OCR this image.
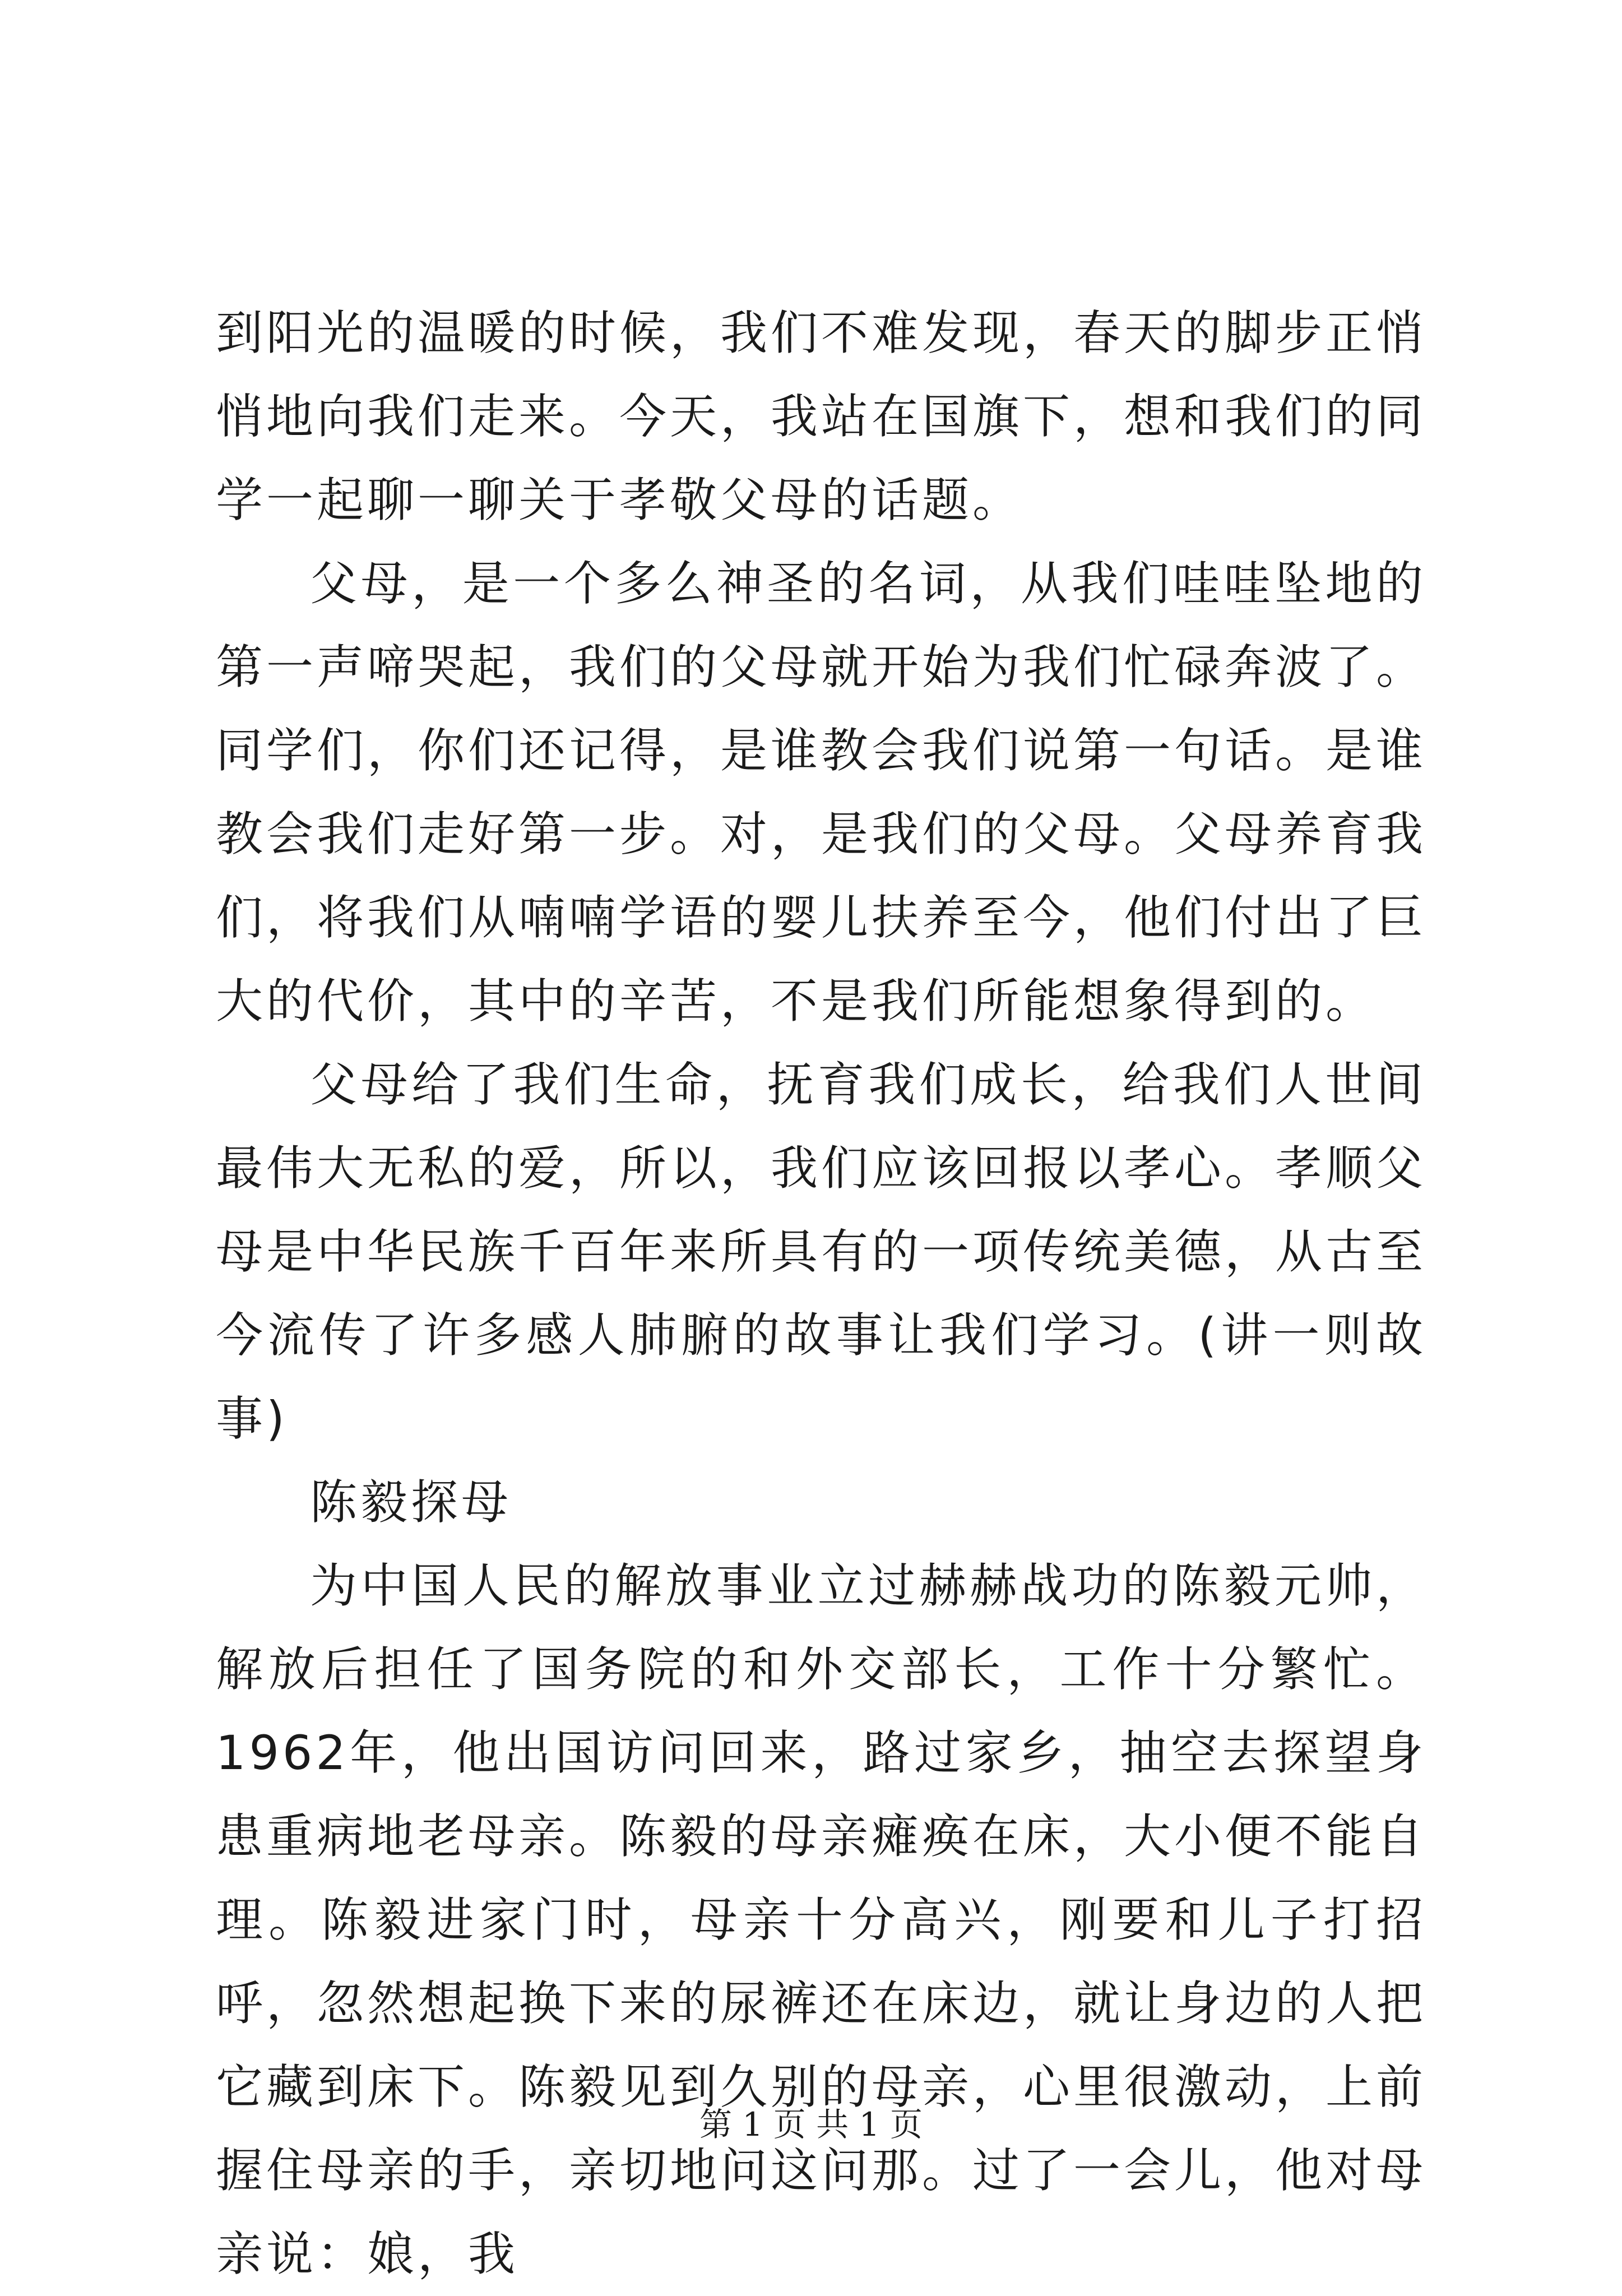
到阳光的温暖的时候，我们不难发现，春天的脚步正悄悄地向我们走来。今天，我站在国旗下，想和我们的同学一起聊一聊关于孝敬父母的话题。

父母，是一个多么神圣的名词，从我们哇哇坠地的第一声啼哭起，我们的父母就开始为我们忙碌奔波了。同学们，你们还记得，是谁教会我们说第一句话。是谁教会我们走好第一步。对，是我们的父母。父母养育我们，将我们从喃喃学语的婴儿扶养至今，他们付出了巨大的代价，其中的辛苦，不是我们所能想象得到的。

父母给了我们生命，抚育我们成长，给我们人世间最伟大无私的爱，所以，我们应该回报以孝心。孝顺父母是中华民族千百年来所具有的一项传统美德，从古至今流传了许多感人肺腑的故事让我们学习。(讲一则故事)

陈毅探母

为中国人民的解放事业立过赫赫战功的陈毅元帅，解放后担任了国务院的和外交部长，工作十分繁忙。1962年，他出国访问回来，路过家乡，抽空去探望身患重病地老母亲。陈毅的母亲瘫痪在床，大小便不能自理。陈毅进家门时，母亲十分高兴，刚要和儿子打招呼，忽然想起换下来的尿裤还在床边，就让身边的人把它藏到床下。陈毅见到久别的母亲，心里很激动，上前握住母亲的手，亲切地问这问那。过了一会儿，他对母亲说：娘，我

第 1 页 共 1 页
